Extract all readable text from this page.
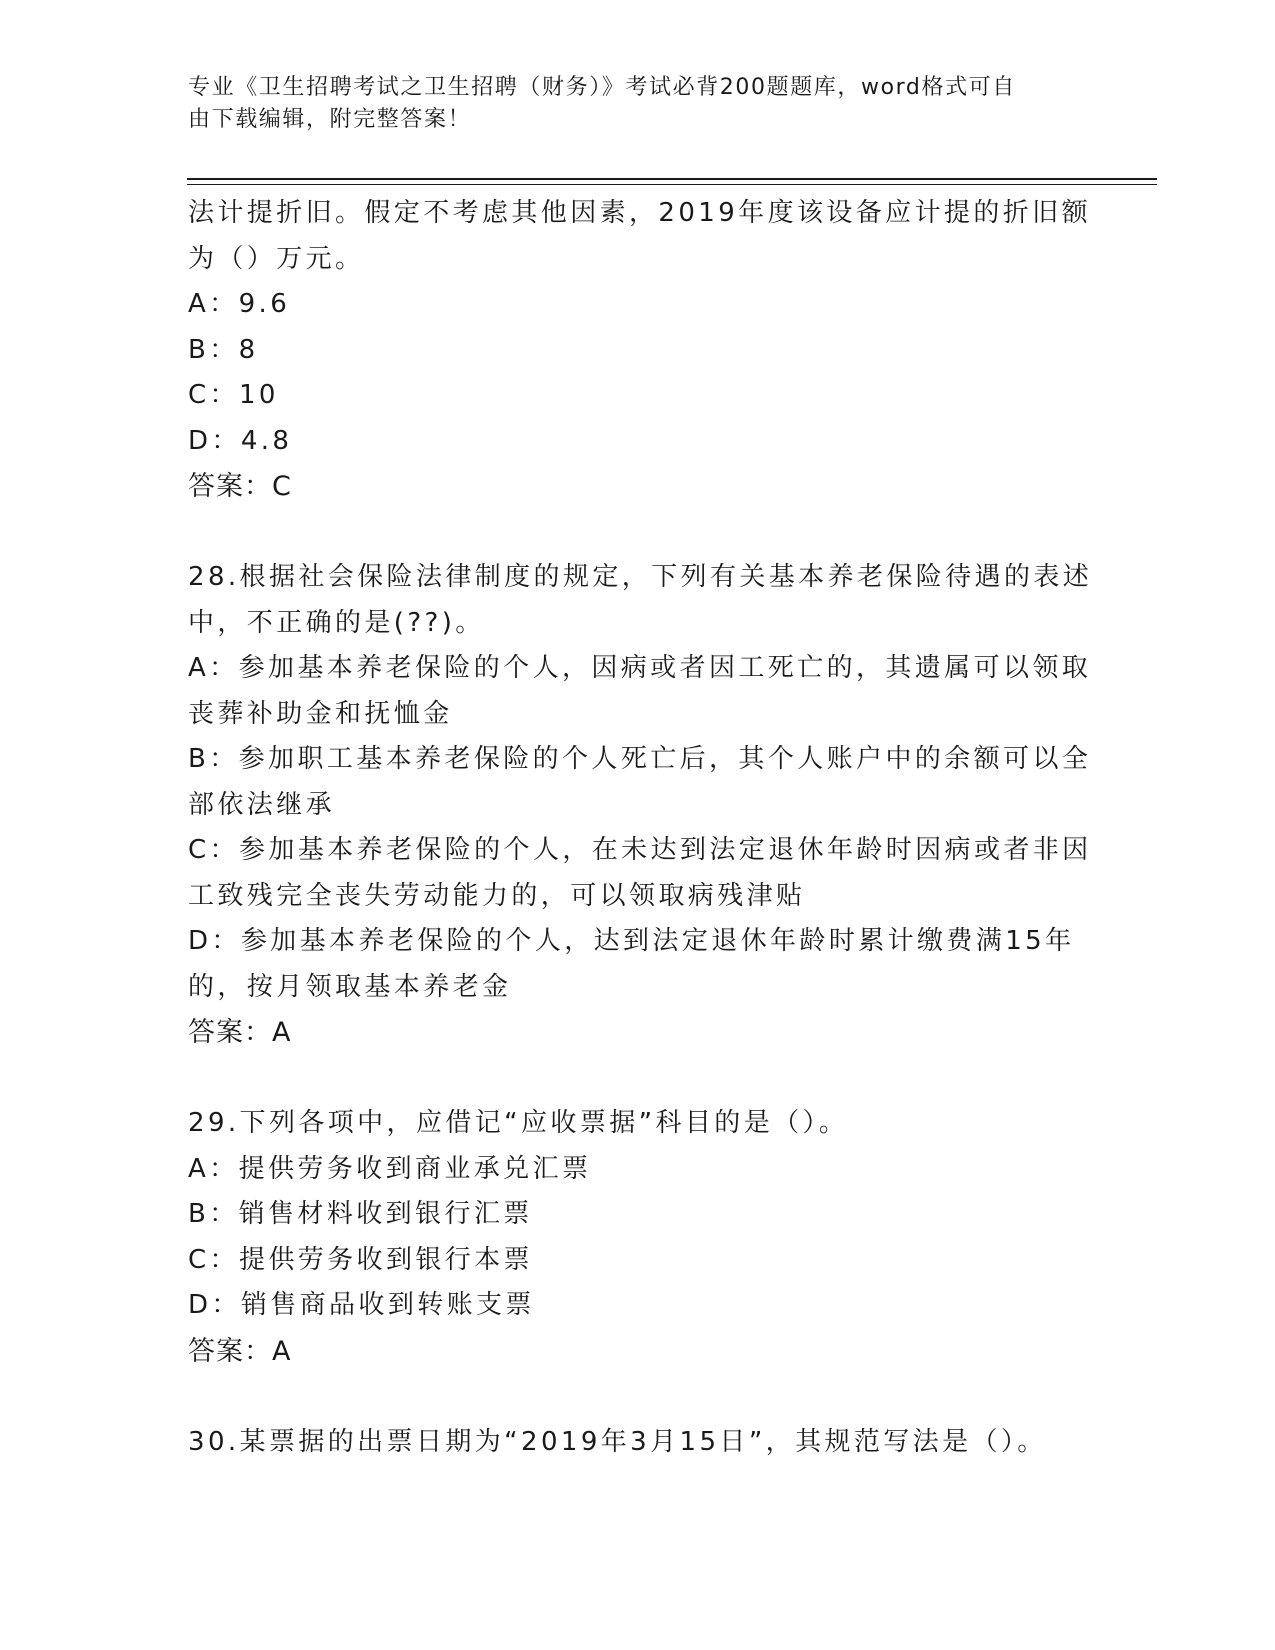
专业《卫生招聘考试之卫生招聘（财务）》考试必背200题题库，word格式可自

由下载编辑，附完整答案！

法计提折旧。假定不考虑其他因素，2019年度该设备应计提的折旧额
为（）万元。
A：9.6
B：8
C：10
D：4.8
答案：C
28.根据社会保险法律制度的规定，下列有关基本养老保险待遇的表述
中，不正确的是(??)。
A：参加基本养老保险的个人，因病或者因工死亡的，其遗属可以领取
丧葬补助金和抚恤金
B：参加职工基本养老保险的个人死亡后，其个人账户中的余额可以全
部依法继承
C：参加基本养老保险的个人，在未达到法定退休年龄时因病或者非因
工致残完全丧失劳动能力的，可以领取病残津贴
D：参加基本养老保险的个人，达到法定退休年龄时累计缴费满15年
的，按月领取基本养老金
答案：A
29.下列各项中，应借记“应收票据”科目的是（）。
A：提供劳务收到商业承兑汇票
B：销售材料收到银行汇票
C：提供劳务收到银行本票
D：销售商品收到转账支票
答案：A
30.某票据的出票日期为“2019年3月15日”，其规范写法是（）。
